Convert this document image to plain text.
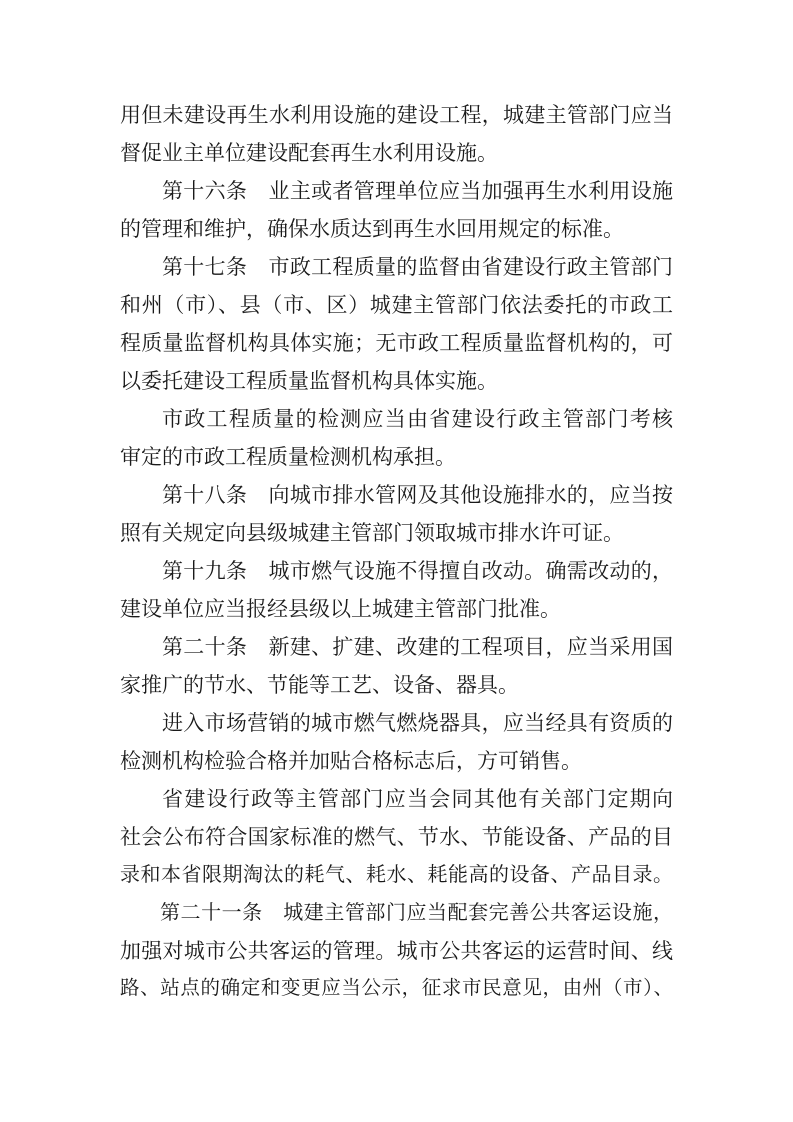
用但未建设再生水利用设施的建设工程，城建主管部门应当
督促业主单位建设配套再生水利用设施。
第十六条　业主或者管理单位应当加强再生水利用设施
的管理和维护，确保水质达到再生水回用规定的标准。
第十七条　市政工程质量的监督由省建设行政主管部门
和州（市）、县（市、区）城建主管部门依法委托的市政工
程质量监督机构具体实施；无市政工程质量监督机构的，可
以委托建设工程质量监督机构具体实施。
市政工程质量的检测应当由省建设行政主管部门考核
审定的市政工程质量检测机构承担。
第十八条　向城市排水管网及其他设施排水的，应当按
照有关规定向县级城建主管部门领取城市排水许可证。
第十九条　城市燃气设施不得擅自改动。确需改动的，
建设单位应当报经县级以上城建主管部门批准。
第二十条　新建、扩建、改建的工程项目，应当采用国
家推广的节水、节能等工艺、设备、器具。
进入市场营销的城市燃气燃烧器具，应当经具有资质的
检测机构检验合格并加贴合格标志后，方可销售。
省建设行政等主管部门应当会同其他有关部门定期向
社会公布符合国家标准的燃气、节水、节能设备、产品的目
录和本省限期淘汰的耗气、耗水、耗能高的设备、产品目录。
第二十一条　城建主管部门应当配套完善公共客运设施，
加强对城市公共客运的管理。城市公共客运的运营时间、线
路、站点的确定和变更应当公示，征求市民意见，由州（市）、
